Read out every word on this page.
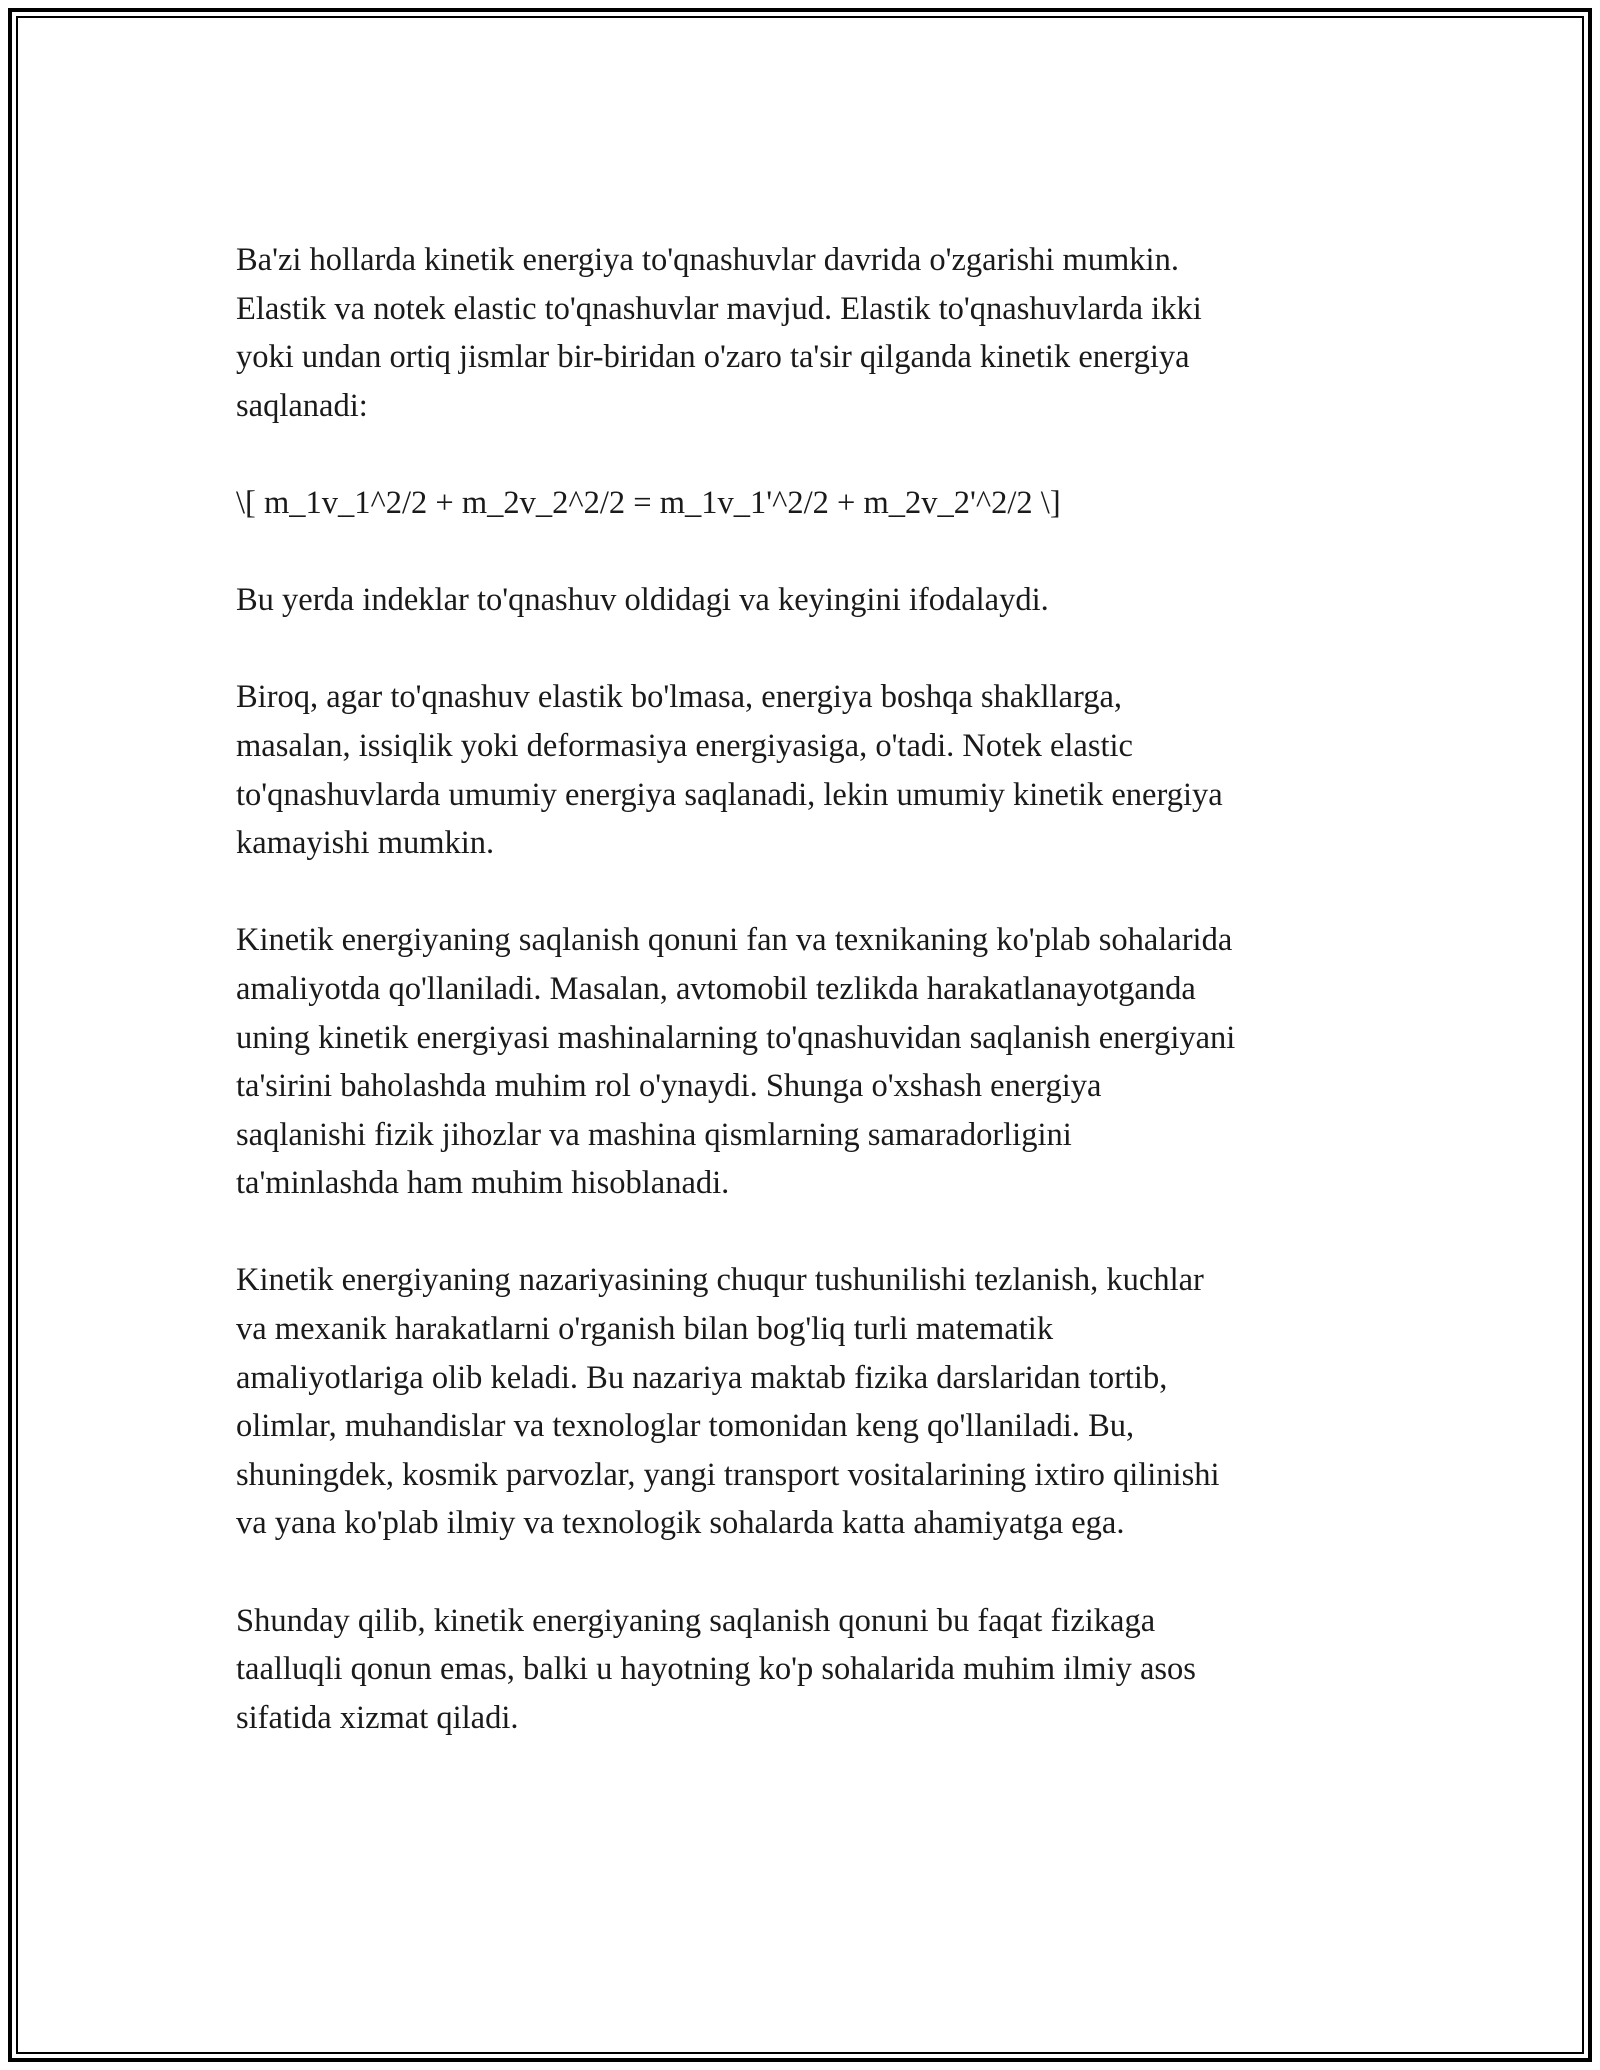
Ba'zi hollarda kinetik energiya to'qnashuvlar davrida o'zgarishi mumkin.
Elastik va notek elastic to'qnashuvlar mavjud. Elastik to'qnashuvlarda ikki
yoki undan ortiq jismlar bir-biridan o'zaro ta'sir qilganda kinetik energiya
saqlanadi:

\[ m_1v_1^2/2 + m_2v_2^2/2 = m_1v_1'^2/2 + m_2v_2'^2/2 \]

Bu yerda indeklar to'qnashuv oldidagi va keyingini ifodalaydi.

Biroq, agar to'qnashuv elastik bo'lmasa, energiya boshqa shakllarga,
masalan, issiqlik yoki deformasiya energiyasiga, o'tadi. Notek elastic
to'qnashuvlarda umumiy energiya saqlanadi, lekin umumiy kinetik energiya
kamayishi mumkin.

Kinetik energiyaning saqlanish qonuni fan va texnikaning ko'plab sohalarida
amaliyotda qo'llaniladi. Masalan, avtomobil tezlikda harakatlanayotganda
uning kinetik energiyasi mashinalarning to'qnashuvidan saqlanish energiyani
ta'sirini baholashda muhim rol o'ynaydi. Shunga o'xshash energiya
saqlanishi fizik jihozlar va mashina qismlarning samaradorligini
ta'minlashda ham muhim hisoblanadi.

Kinetik energiyaning nazariyasining chuqur tushunilishi tezlanish, kuchlar
va mexanik harakatlarni o'rganish bilan bog'liq turli matematik
amaliyotlariga olib keladi. Bu nazariya maktab fizika darslaridan tortib,
olimlar, muhandislar va texnologlar tomonidan keng qo'llaniladi. Bu,
shuningdek, kosmik parvozlar, yangi transport vositalarining ixtiro qilinishi
va yana ko'plab ilmiy va texnologik sohalarda katta ahamiyatga ega.

Shunday qilib, kinetik energiyaning saqlanish qonuni bu faqat fizikaga
taalluqli qonun emas, balki u hayotning ko'p sohalarida muhim ilmiy asos
sifatida xizmat qiladi.
